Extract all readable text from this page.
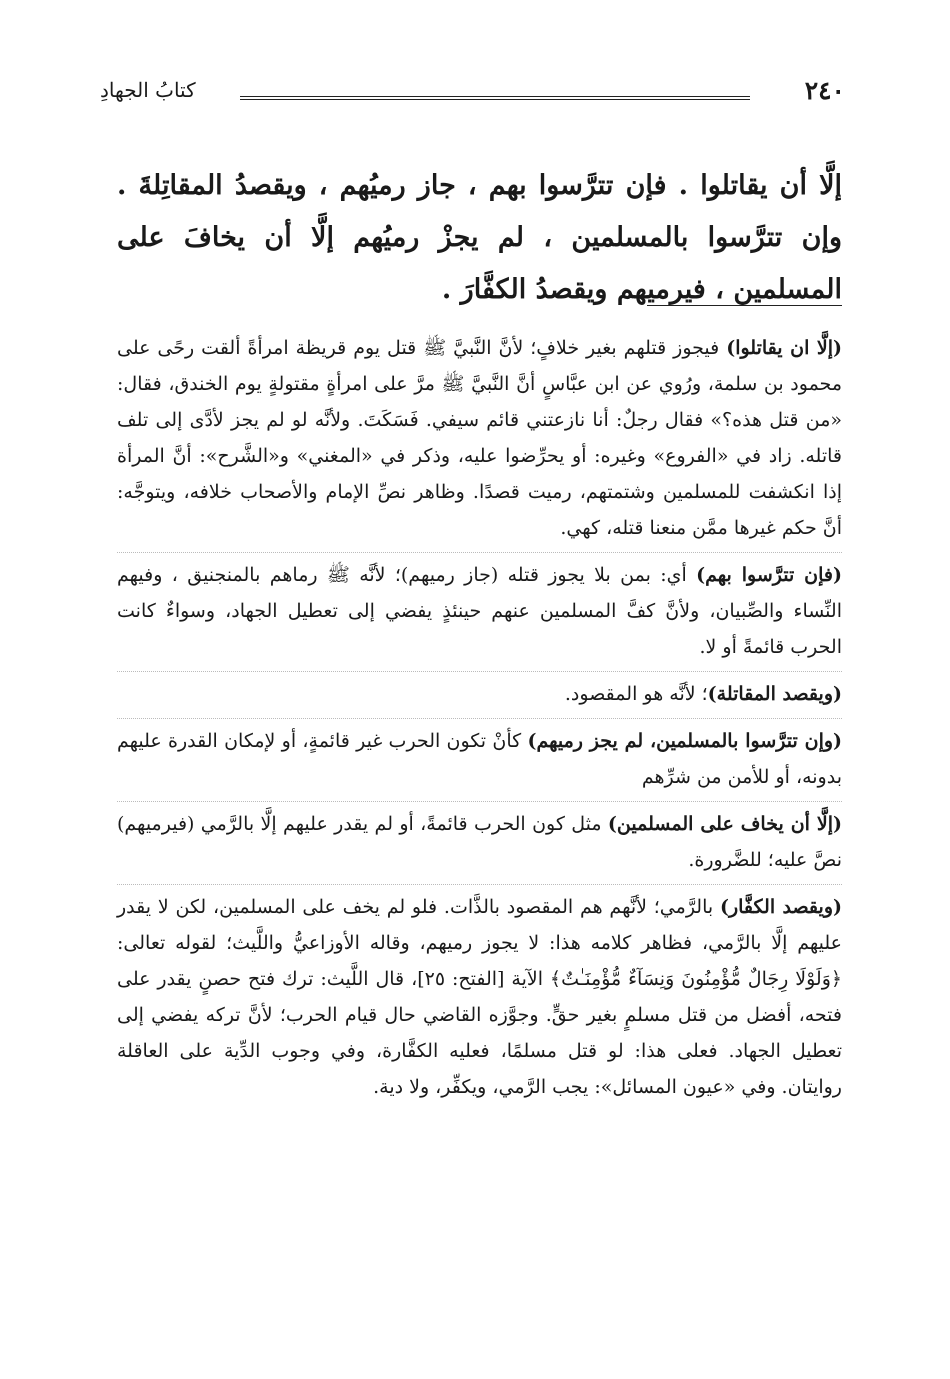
٢٤٠
كتابُ الجهادِ
إلَّا أن يقاتلوا . فإن تترَّسوا بهم ، جاز رميُهم ، ويقصدُ المقاتِلةَ . وإن تترَّسوا بالمسلمين ، لم يجزْ رميُهم إلَّا أن يخافَ على المسلمين ، فيرميهم ويقصدُ الكفَّارَ .

(إلَّا ان يقاتلوا) فيجوز قتلهم بغير خلافٍ؛ لأنَّ النَّبيَّ ﷺ قتل يوم قريظة امرأةً ألقت رحًى على محمود بن سلمة، ورُوي عن ابن عبَّاسٍ أنَّ النَّبيَّ ﷺ مرَّ على امرأةٍ مقتولةٍ يوم الخندق، فقال: «من قتل هذه؟» فقال رجلٌ: أنا نازعتني قائم سيفي. فَسَكَتَ. ولأنَّه لو لم يجز لأدَّى إلى تلف قاتله. زاد في «الفروع» وغيره: أو يحرِّضوا عليه، وذكر في «المغني» و«الشَّرح»: أنَّ المرأة إذا انكشفت للمسلمين وشتمتهم، رميت قصدًا. وظاهر نصِّ الإمام والأصحاب خلافه، ويتوجَّه: أنَّ حكم غيرها ممَّن منعنا قتله، كهي.

(فإن تترَّسوا بهم) أي: بمن بلا يجوز قتله (جاز رميهم)؛ لأنَّه ﷺ رماهم بالمنجنيق ، وفيهم النِّساء والصِّبيان، ولأنَّ كفَّ المسلمين عنهم حينئذٍ يفضي إلى تعطيل الجهاد، وسواءٌ كانت الحرب قائمةً أو لا.

(ويقصد المقاتلة)؛ لأنَّه هو المقصود.

(وإن تترَّسوا بالمسلمين، لم يجز رميهم) كأنْ تكون الحرب غير قائمةٍ، أو لإمكان القدرة عليهم بدونه، أو للأمن من شرِّهم

(إلَّا أن يخاف على المسلمين) مثل كون الحرب قائمةً، أو لم يقدر عليهم إلَّا بالرَّمي (فيرميهم) نصَّ عليه؛ للضَّرورة.

(ويقصد الكفَّار) بالرَّمي؛ لأنَّهم هم المقصود بالذَّات. فلو لم يخف على المسلمين، لكن لا يقدر عليهم إلَّا بالرَّمي، فظاهر كلامه هذا: لا يجوز رميهم، وقاله الأوزاعيُّ واللَّيث؛ لقوله تعالى: ﴿وَلَوْلَا رِجَالٌ مُّؤْمِنُونَ وَنِسَآءٌ مُّؤْمِنَـٰتٌ﴾ الآية [الفتح: ٢٥]، قال اللَّيث: ترك فتح حصنٍ يقدر على فتحه، أفضل من قتل مسلمٍ بغير حقٍّ. وجوَّزه القاضي حال قيام الحرب؛ لأنَّ تركه يفضي إلى تعطيل الجهاد. فعلى هذا: لو قتل مسلمًا، فعليه الكفَّارة، وفي وجوب الدِّية على العاقلة روايتان. وفي «عيون المسائل»: يجب الرَّمي، ويكفِّر، ولا دية.
